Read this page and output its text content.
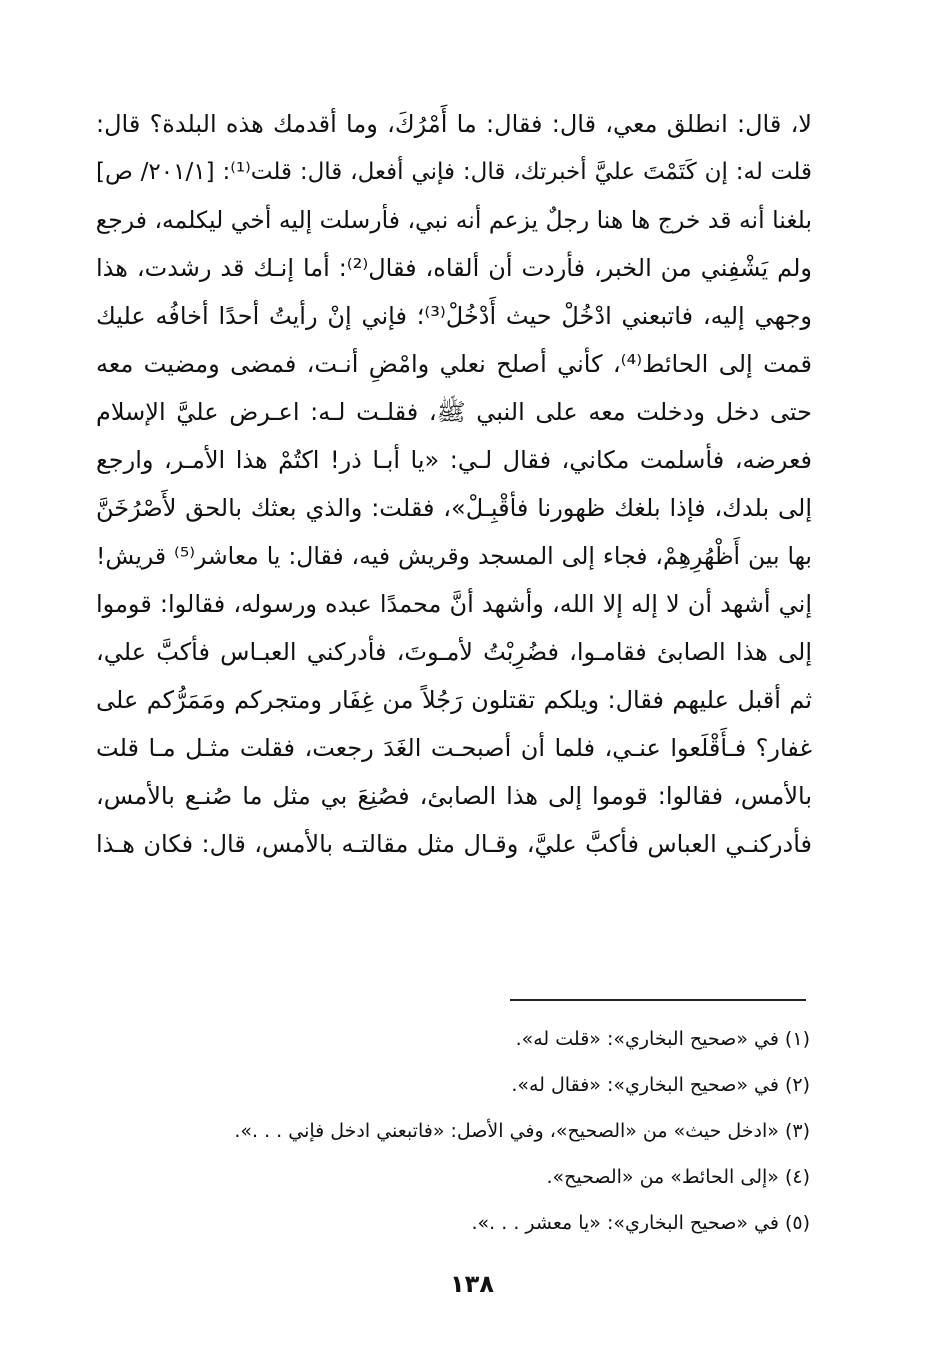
لا، قال: انطلق معي، قال: فقال: ما أَمْرُكَ، وما أقدمك هذه البلدة؟ قال:
قلت له: إن كَتَمْتَ عليَّ أخبرتك، قال: فإني أفعل، قال: قلت⁽¹⁾: [٢٠١/١/ ص]
بلغنا أنه قد خرج ها هنا رجلٌ يزعم أنه نبي، فأرسلت إليه أخي ليكلمه، فرجع
ولم يَشْفِني من الخبر، فأردت أن ألقاه، فقال⁽²⁾: أما إنـك قد رشدت، هذا
وجهي إليه، فاتبعني ادْخُلْ حيث أَدْخُلْ⁽³⁾؛ فإني إنْ رأيتُ أحدًا أخافُه عليك
قمت إلى الحائط⁽⁴⁾، كأني أصلح نعلي وامْضِ أنـت، فمضى ومضيت معه
حتى دخل ودخلت معه على النبي ﷺ، فقلـت لـه: اعـرض عليَّ الإسلام
فعرضه، فأسلمت مكاني، فقال لـي: «يا أبـا ذر! اكتُمْ هذا الأمـر، وارجع
إلى بلدك، فإذا بلغك ظهورنا فأقْبِـلْ»، فقلت: والذي بعثك بالحق لأَصْرُخَنَّ
بها بين أَظْهُرِهِمْ، فجاء إلى المسجد وقريش فيه، فقال: يا معاشر⁽⁵⁾ قريش!
إني أشهد أن لا إله إلا الله، وأشهد أنَّ محمدًا عبده ورسوله، فقالوا: قوموا
إلى هذا الصابئ فقامـوا، فضُرِبْتُ لأمـوتَ، فأدركني العبـاس فأكبَّ علي،
ثم أقبل عليهم فقال: ويلكم تقتلون رَجُلاً من غِفَار ومتجركم ومَمَرُّكم على
غفار؟ فـأَقْلَعوا عنـي، فلما أن أصبحـت الغَدَ رجعت، فقلت مثـل مـا قلت
بالأمس، فقالوا: قوموا إلى هذا الصابئ، فصُنِعَ بي مثل ما صُنـع بالأمس،
فأدركنـي العباس فأكبَّ عليَّ، وقـال مثل مقالتـه بالأمس، قال: فكان هـذا
(١) في «صحيح البخاري»: «قلت له».
(٢) في «صحيح البخاري»: «فقال له».
(٣) «ادخل حيث» من «الصحيح»، وفي الأصل: «فاتبعني ادخل فإني . . .».
(٤) «إلى الحائط» من «الصحيح».
(٥) في «صحيح البخاري»: «يا معشر . . .».
١٣٨
